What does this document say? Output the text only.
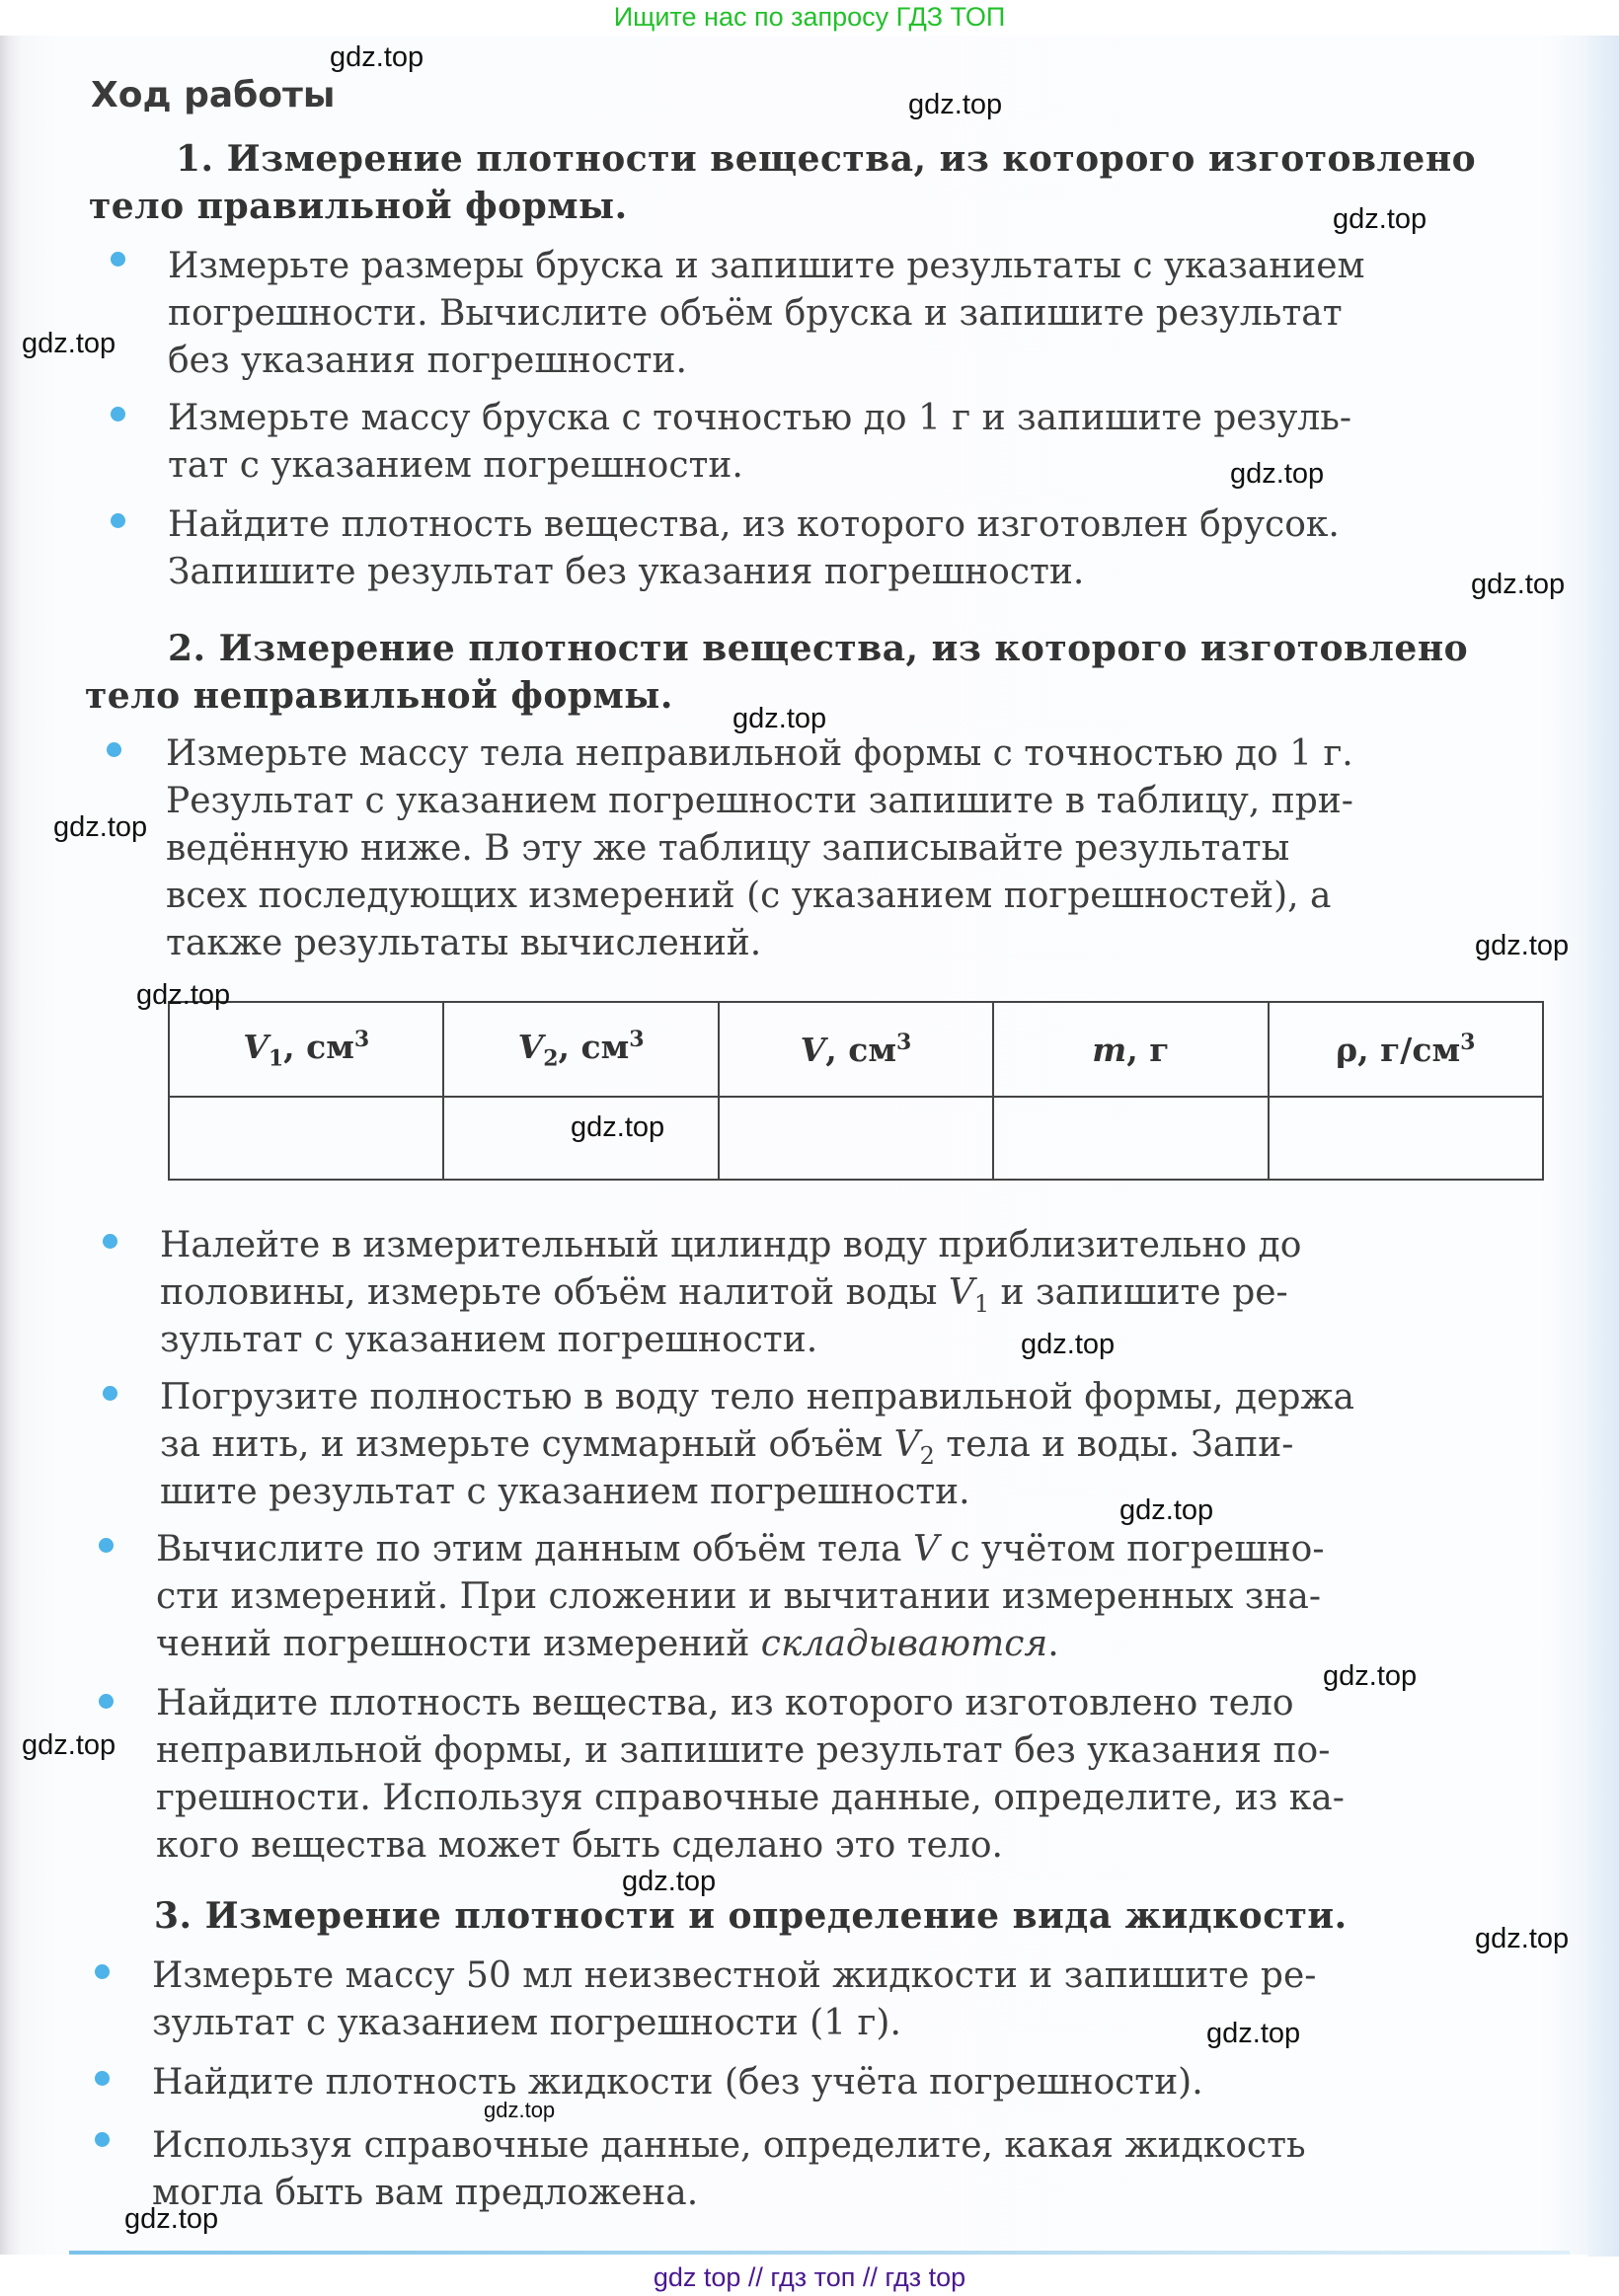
Ищите нас по запросу ГДЗ ТОП
Ход работы
1. Измерение плотности вещества, из которого изготовлено
тело правильной формы.
Измерьте размеры бруска и запишите результаты с указанием
погрешности. Вычислите объём бруска и запишите результат
без указания погрешности.
Измерьте массу бруска с точностью до 1 г и запишите резуль-
тат с указанием погрешности.
Найдите плотность вещества, из которого изготовлен брусок.
Запишите результат без указания погрешности.
2. Измерение плотности вещества, из которого изготовлено
тело неправильной формы.
Измерьте массу тела неправильной формы с точностью до 1 г.
Результат с указанием погрешности запишите в таблицу, при-
ведённую ниже. В эту же таблицу записывайте результаты
всех последующих измерений (с указанием погрешностей), а
также результаты вычислений.
$V_1$, $см^3$	$V_2$, $см^3$	V, $см^3$	m, г	ρ, $г/см^3$

Налейте в измерительный цилиндр воду приблизительно до
половины, измерьте объём налитой воды $V_1$ и запишите ре-
зультат с указанием погрешности.
Погрузите полностью в воду тело неправильной формы, держа
за нить, и измерьте суммарный объём $V_2$ тела и воды. Запи-
шите результат с указанием погрешности.
Вычислите по этим данным объём тела V с учётом погрешно-
сти измерений. При сложении и вычитании измеренных зна-
чений погрешности измерений складываются.
Найдите плотность вещества, из которого изготовлено тело
неправильной формы, и запишите результат без указания по-
грешности. Используя справочные данные, определите, из ка-
кого вещества может быть сделано это тело.
3. Измерение плотности и определение вида жидкости.
Измерьте массу 50 мл неизвестной жидкости и запишите ре-
зультат с указанием погрешности (1 г).
Найдите плотность жидкости (без учёта погрешности).
Используя справочные данные, определите, какая жидкость
могла быть вам предложена.
gdz.top
gdz.top
gdz.top
gdz.top
gdz.top
gdz.top
gdz.top
gdz.top
gdz.top
gdz.top
gdz.top
gdz.top
gdz.top
gdz.top
gdz.top
gdz.top
gdz.top
gdz.top
gdz.top
gdz.top
gdz top // гдз топ // гдз top
